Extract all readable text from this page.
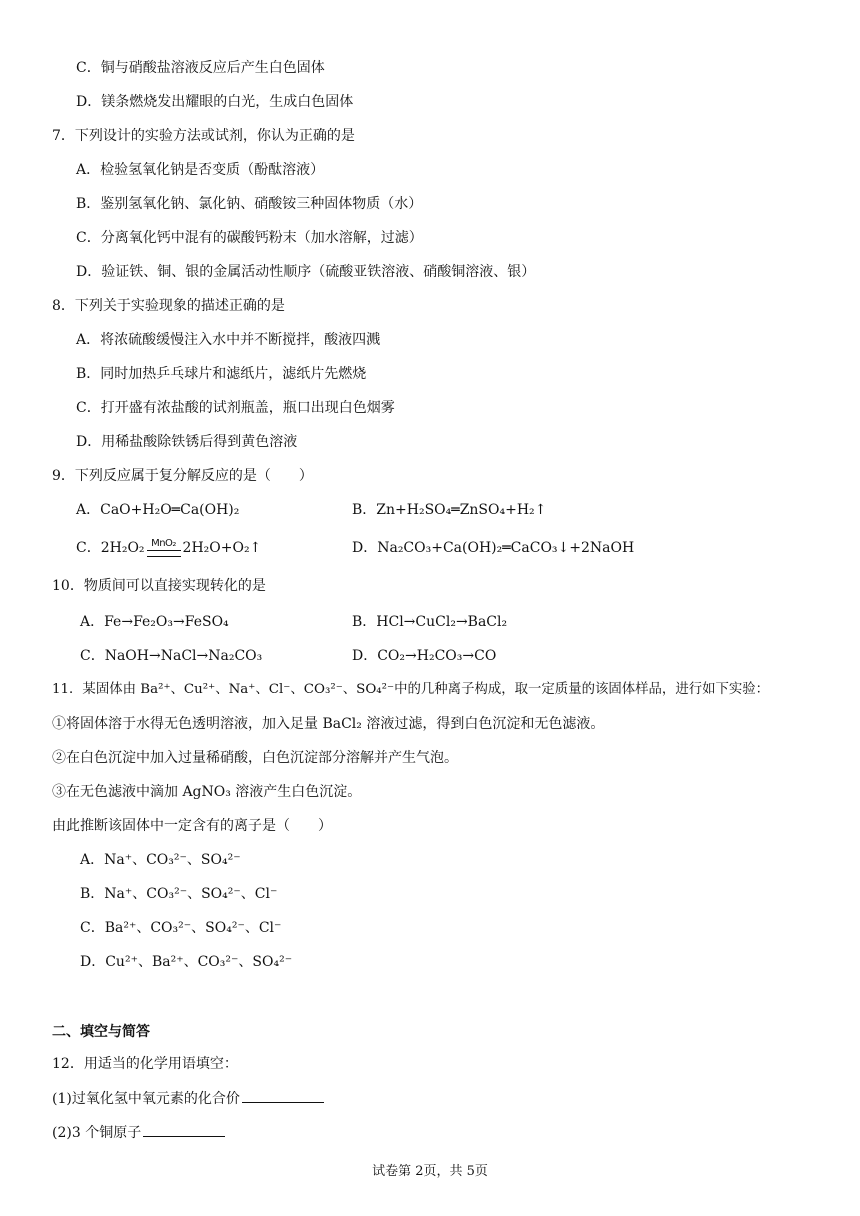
C．铜与硝酸盐溶液反应后产生白色固体
D．镁条燃烧发出耀眼的白光，生成白色固体
7．下列设计的实验方法或试剂，你认为正确的是
A．检验氢氧化钠是否变质（酚酞溶液）
B．鉴别氢氧化钠、氯化钠、硝酸铵三种固体物质（水）
C．分离氧化钙中混有的碳酸钙粉末（加水溶解，过滤）
D．验证铁、铜、银的金属活动性顺序（硫酸亚铁溶液、硝酸铜溶液、银）
8．下列关于实验现象的描述正确的是
A．将浓硫酸缓慢注入水中并不断搅拌，酸液四溅
B．同时加热乒乓球片和滤纸片，滤纸片先燃烧
C．打开盛有浓盐酸的试剂瓶盖，瓶口出现白色烟雾
D．用稀盐酸除铁锈后得到黄色溶液
9．下列反应属于复分解反应的是（　　）
A．CaO+H₂O═Ca(OH)₂	B．Zn+H₂SO₄═ZnSO₄+H₂↑
C．2H₂O₂ MnO₂ 2H₂O+O₂↑	D．Na₂CO₃+Ca(OH)₂═CaCO₃↓+2NaOH
10．物质间可以直接实现转化的是
A．Fe→Fe₂O₃→FeSO₄	B．HCl→CuCl₂→BaCl₂
C．NaOH→NaCl→Na₂CO₃	D．CO₂→H₂CO₃→CO
11．某固体由 Ba²⁺、Cu²⁺、Na⁺、Cl⁻、CO₃²⁻、SO₄²⁻中的几种离子构成，取一定质量的该固体样品，进行如下实验：
①将固体溶于水得无色透明溶液，加入足量 BaCl₂ 溶液过滤，得到白色沉淀和无色滤液。
②在白色沉淀中加入过量稀硝酸，白色沉淀部分溶解并产生气泡。
③在无色滤液中滴加 AgNO₃ 溶液产生白色沉淀。
由此推断该固体中一定含有的离子是（　　）
A．Na⁺、CO₃²⁻、SO₄²⁻
B．Na⁺、CO₃²⁻、SO₄²⁻、Cl⁻
C．Ba²⁺、CO₃²⁻、SO₄²⁻、Cl⁻
D．Cu²⁺、Ba²⁺、CO₃²⁻、SO₄²⁻
二、填空与简答
12．用适当的化学用语填空：
(1)过氧化氢中氧元素的化合价
(2)3 个铜原子
试卷第 2页，共 5页
